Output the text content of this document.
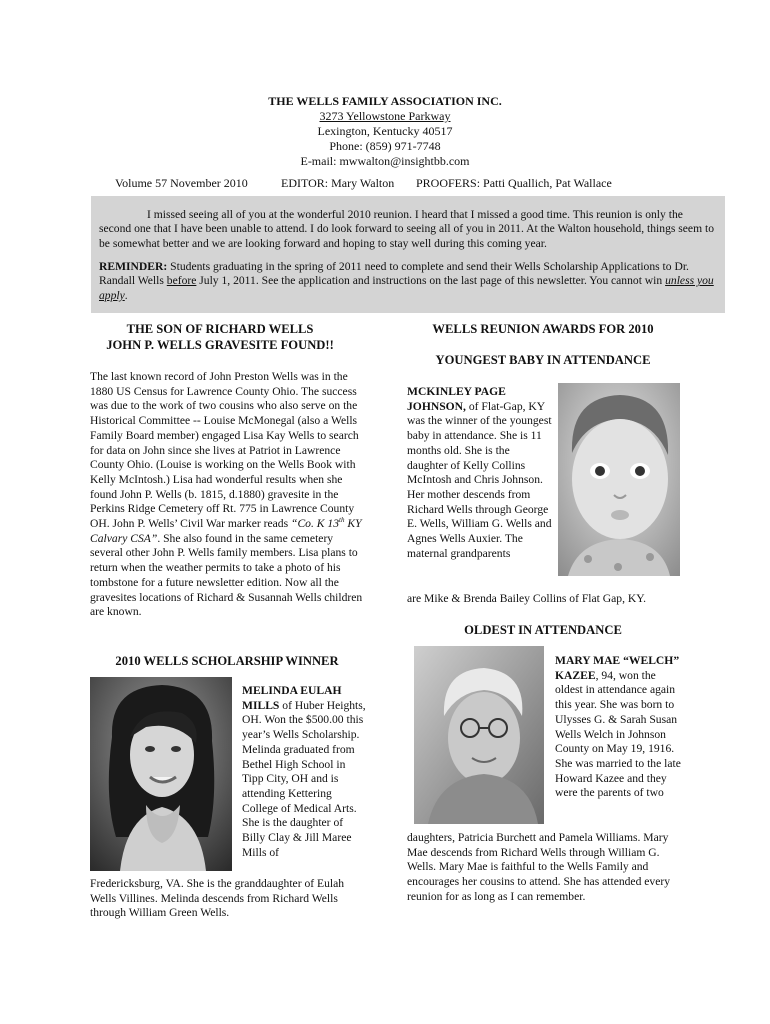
THE WELLS FAMILY ASSOCIATION INC.
3273 Yellowstone Parkway
Lexington, Kentucky 40517
Phone: (859) 971-7748
E-mail: mwwalton@insightbb.com
Volume 57 November 2010	EDITOR: Mary Walton PROOFERS: Patti Quallich, Pat Wallace

I missed seeing all of you at the wonderful 2010 reunion. I heard that I missed a good time. This reunion is only the second one that I have been unable to attend. I do look forward to seeing all of you in 2011. At the Walton household, things seem to be somewhat better and we are looking forward and hoping to stay well during this coming year.

REMINDER: Students graduating in the spring of 2011 need to complete and send their Wells Scholarship Applications to Dr. Randall Wells before July 1, 2011. See the application and instructions on the last page of this newsletter. You cannot win unless you apply.

THE SON OF RICHARD WELLS
JOHN P. WELLS GRAVESITE FOUND!!
The last known record of John Preston Wells was in the 1880 US Census for Lawrence County Ohio. The success was due to the work of two cousins who also serve on the Historical Committee -- Louise McMonegal (also a Wells Family Board member) engaged Lisa Kay Wells to search for data on John since she lives at Patriot in Lawrence County Ohio. (Louise is working on the Wells Book with Kelly McIntosh.) Lisa had wonderful results when she found John P. Wells (b. 1815, d.1880) gravesite in the Perkins Ridge Cemetery off Rt. 775 in Lawrence County OH. John P. Wells’ Civil War marker reads “Co. K 13th KY Calvary CSA”. She also found in the same cemetery several other John P. Wells family members. Lisa plans to return when the weather permits to take a photo of his tombstone for a future newsletter edition. Now all the gravesites locations of Richard & Susannah Wells children are known.
2010 WELLS SCHOLARSHIP WINNER
MELINDA EULAH MILLS of Huber Heights, OH. Won the $500.00 this year’s Wells Scholarship. Melinda graduated from Bethel High School in Tipp City, OH and is attending Kettering College of Medical Arts. She is the daughter of Billy Clay & Jill Maree Mills of
Fredericksburg, VA. She is the granddaughter of Eulah Wells Villines. Melinda descends from Richard Wells through William Green Wells.
WELLS REUNION AWARDS FOR 2010
YOUNGEST BABY IN ATTENDANCE
MCKINLEY PAGE JOHNSON, of Flat-Gap, KY was the winner of the youngest baby in attendance. She is 11 months old. She is the daughter of Kelly Collins McIntosh and Chris Johnson. Her mother descends from Richard Wells through George E. Wells, William G. Wells and Agnes Wells Auxier. The maternal grandparents
are Mike & Brenda Bailey Collins of Flat Gap, KY.
OLDEST IN ATTENDANCE
MARY MAE “WELCH” KAZEE, 94, won the oldest in attendance again this year. She was born to Ulysses G. & Sarah Susan Wells Welch in Johnson County on May 19, 1916. She was married to the late Howard Kazee and they were the parents of two
daughters, Patricia Burchett and Pamela Williams. Mary Mae descends from Richard Wells through William G. Wells. Mary Mae is faithful to the Wells Family and encourages her cousins to attend. She has attended every reunion for as long as I can remember.
